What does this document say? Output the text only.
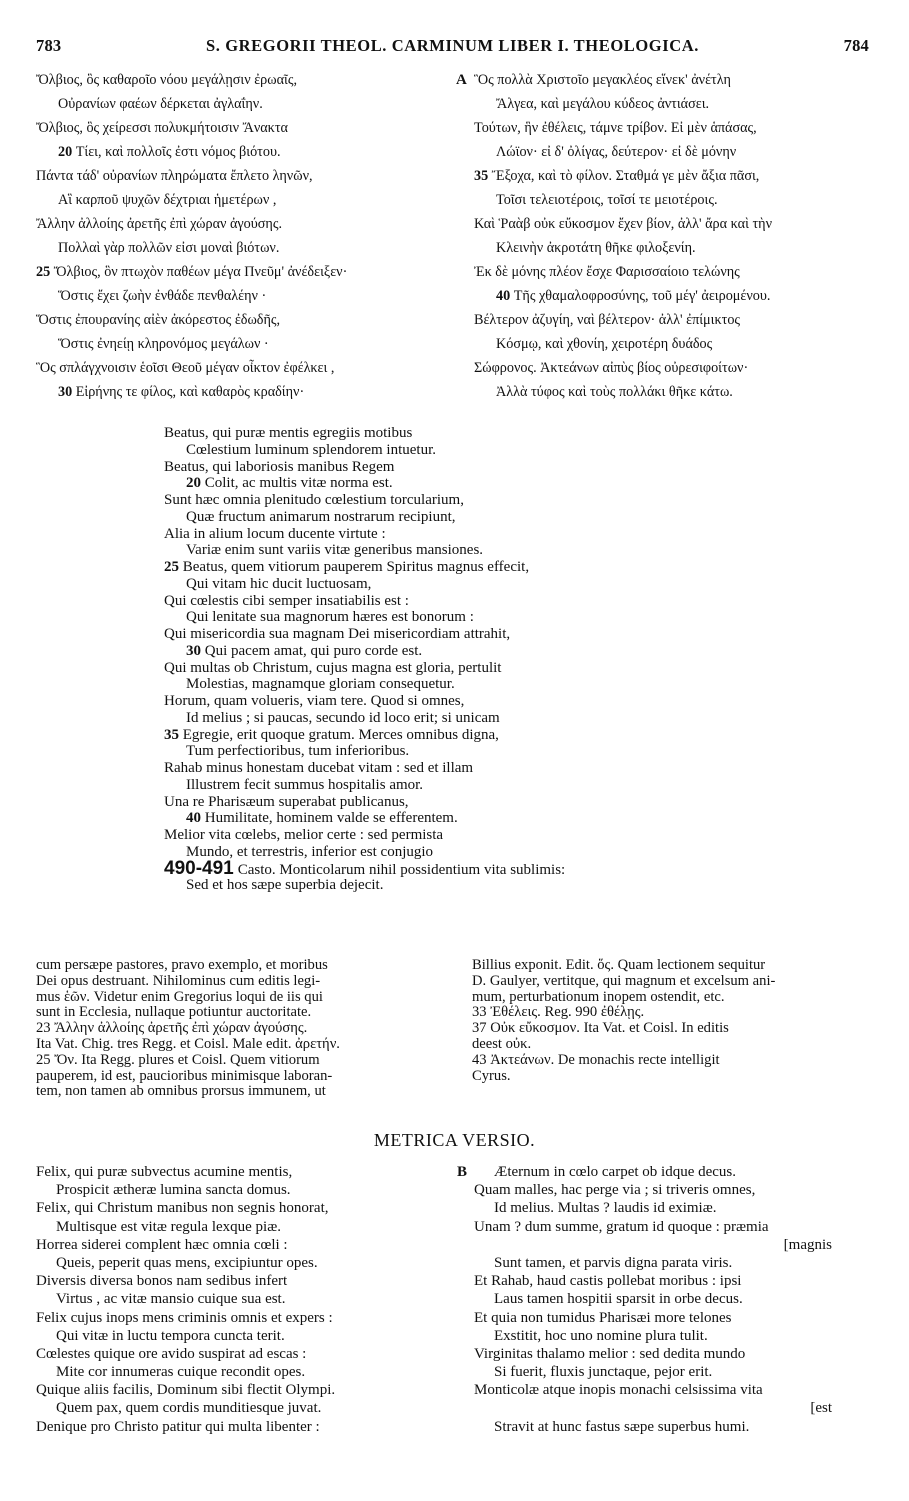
783	S. GREGORII THEOL. CARMINUM LIBER I. THEOLOGICA.	784
Ὄλβιος, ὃς καθαροῖο νόου μεγάλῃσιν ἐρωαῖς,
Οὐρανίων φαέων δέρκεται ἀγλαΐην.
Ὄλβιος, ὃς χείρεσσι πολυκμήτοισιν Ἄνακτα
20 Τίει, καὶ πολλοῖς ἐστι νόμος βιότου.
Πάντα τάδ' οὐρανίων πληρώματα ἔπλετο ληνῶν,
Αἳ καρποῦ ψυχῶν δέχτριαι ἡμετέρων ,
Ἄλλην ἀλλοίης ἀρετῆς ἐπὶ χώραν ἀγούσης.
Πολλαὶ γὰρ πολλῶν εἰσι μοναὶ βιότων.
25 Ὄλβιος, ὃν πτωχὸν παθέων μέγα Πνεῦμ' ἀνέδειξεν·
Ὅστις ἔχει ζωὴν ἐνθάδε πενθαλέην ·
Ὅστις ἐπουρανίης αἰὲν ἀκόρεστος ἐδωδῆς,
Ὅστις ἐνηείῃ κληρονόμος μεγάλων ·
Ὃς σπλάγχνοισιν ἑοῖσι Θεοῦ μέγαν οἶκτον ἐφέλκει ,
30 Εἰρήνης τε φίλος, καὶ καθαρὸς κραδίην·
A Ὃς πολλὰ Χριστοῖο μεγακλέος εἵνεκ' ἀνέτλη
Ἄλγεα, καὶ μεγάλου κύδεος ἀντιάσει.
Τούτων, ἣν ἐθέλεις, τάμνε τρίβον. Εἰ μὲν ἁπάσας,
Λώϊον· εἰ δ' ὀλίγας, δεύτερον· εἰ δὲ μόνην
35 Ἔξοχα, καὶ τὸ φίλον. Σταθμά γε μὲν ἄξια πᾶσι,
Τοῖσι τελειοτέροις, τοῖσί τε μειοτέροις.
Καὶ Ῥαὰβ οὐκ εὔκοσμον ἔχεν βίον, ἀλλ' ἄρα καὶ τὴν
Κλεινὴν ἀκροτάτη θῆκε φιλοξενίη.
Ἐκ δὲ μόνης πλέον ἔσχε Φαρισσαίοιο τελώνης
40 Τῆς χθαμαλοφροσύνης, τοῦ μέγ' ἀειρομένου.
Βέλτερον ἀζυγίη, ναὶ βέλτερον· ἀλλ' ἐπίμικτος
Κόσμῳ, καὶ χθονίη, χειροτέρη δυάδος
Σώφρονος. Ἀκτεάνων αἰπὺς βίος οὐρεσιφοίτων·
Ἀλλὰ τύφος καὶ τοὺς πολλάκι θῆκε κάτω.
Beatus, qui puræ mentis egregiis motibus
Cœlestium luminum splendorem intuetur.
Beatus, qui laboriosis manibus Regem
20 Colit, ac multis vitæ norma est.
Sunt hæc omnia plenitudo cœlestium torcularium,
Quæ fructum animarum nostrarum recipiunt,
Alia in alium locum ducente virtute :
Variæ enim sunt variis vitæ generibus mansiones.
25 Beatus, quem vitiorum pauperem Spiritus magnus effecit,
Qui vitam hic ducit luctuosam,
Qui cœlestis cibi semper insatiabilis est :
Qui lenitate sua magnorum hæres est bonorum :
Qui misericordia sua magnam Dei misericordiam attrahit,
30 Qui pacem amat, qui puro corde est.
Qui multas ob Christum, cujus magna est gloria, pertulit
Molestias, magnamque gloriam consequetur.
Horum, quam volueris, viam tere. Quod si omnes,
Id melius ; si paucas, secundo id loco erit; si unicam
35 Egregie, erit quoque gratum. Merces omnibus digna,
Tum perfectioribus, tum inferioribus.
Rahab minus honestam ducebat vitam : sed et illam
Illustrem fecit summus hospitalis amor.
Una re Pharisæum superabat publicanus,
40 Humilitate, hominem valde se efferentem.
Melior vita cœlebs, melior certe : sed permista
Mundo, et terrestris, inferior est conjugio
490-491 Casto. Monticolarum nihil possidentium vita sublimis:
Sed et hos sæpe superbia dejecit.
cum persæpe pastores, pravo exemplo, et moribus
Dei opus destruant. Nihilominus cum editis legi-
mus ἑῶν. Videtur enim Gregorius loqui de iis qui
sunt in Ecclesia, nullaque potiuntur auctoritate.
23 Ἄλλην ἀλλοίης ἀρετῆς ἐπὶ χώραν ἀγούσης.
Ita Vat. Chig. tres Regg. et Coisl. Male edit. ἀρετήν.
25 Ὄν. Ita Regg. plures et Coisl. Quem vitiorum
pauperem, id est, paucioribus minimisque laboran-
tem, non tamen ab omnibus prorsus immunem, ut
Billius exponit. Edit. ὅς. Quam lectionem sequitur
D. Gaulyer, vertitque, qui magnum et excelsum ani-
mum, perturbationum inopem ostendit, etc.
33 Ἐθέλεις. Reg. 990 ἐθέλῃς.
37 Οὐκ εὔκοσμον. Ita Vat. et Coisl. In editis
deest οὐκ.
43 Ἀκτεάνων. De monachis recte intelligit
Cyrus.
METRICA VERSIO.
Felix, qui puræ subvectus acumine mentis,
Prospicit ætheræ lumina sancta domus.
Felix, qui Christum manibus non segnis honorat,
Multisque est vitæ regula lexque piæ.
Horrea siderei complent hæc omnia cœli :
Queis, peperit quas mens, excipiuntur opes.
Diversis diversa bonos nam sedibus infert
Virtus , ac vitæ mansio cuique sua est.
Felix cujus inops mens criminis omnis et expers :
Qui vitæ in luctu tempora cuncta terit.
Cœlestes quique ore avido suspirat ad escas :
Mite cor innumeras cuique recondit opes.
Quique aliis facilis, Dominum sibi flectit Olympi.
Quem pax, quem cordis munditiesque juvat.
Denique pro Christo patitur qui multa libenter :
B	Æternum in cœlo carpet ob idque decus.
Quam malles, hac perge via ; si triveris omnes,
Id melius. Multas ? laudis id eximiæ.
Unam ? dum summe, gratum id quoque : præmia
[magnis
Sunt tamen, et parvis digna parata viris.
Et Rahab, haud castis pollebat moribus : ipsi
Laus tamen hospitii sparsit in orbe decus.
Et quia non tumidus Pharisæi more telones
Exstitit, hoc uno nomine plura tulit.
Virginitas thalamo melior : sed dedita mundo
Si fuerit, fluxis junctaque, pejor erit.
Monticolæ atque inopis monachi celsissima vita
[est
Stravit at hunc fastus sæpe superbus humi.
